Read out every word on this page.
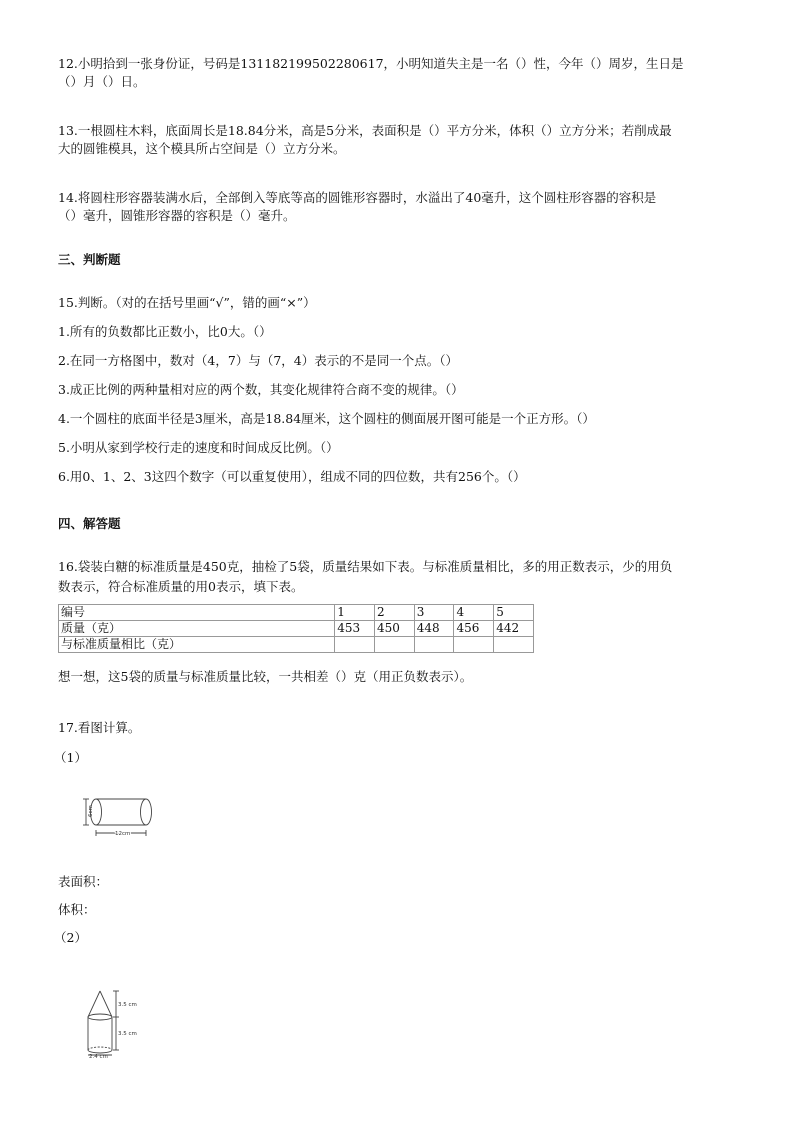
12.小明拾到一张身份证，号码是131182199502280617，小明知道失主是一名（）性，今年（）周岁，生日是
（）月（）日。
13.一根圆柱木料，底面周长是18.84分米，高是5分米，表面积是（）平方分米，体积（）立方分米；若削成最
大的圆锥模具，这个模具所占空间是（）立方分米。
14.将圆柱形容器装满水后，全部倒入等底等高的圆锥形容器时，水溢出了40毫升，这个圆柱形容器的容积是
（）毫升，圆锥形容器的容积是（）毫升。
三、判断题
15.判断。（对的在括号里画“√”，错的画“×”）
1.所有的负数都比正数小，比0大。（）
2.在同一方格图中，数对（4，7）与（7，4）表示的不是同一个点。（）
3.成正比例的两种量相对应的两个数，其变化规律符合商不变的规律。（）
4.一个圆柱的底面半径是3厘米，高是18.84厘米，这个圆柱的侧面展开图可能是一个正方形。（）
5.小明从家到学校行走的速度和时间成反比例。（）
6.用0、1、2、3这四个数字（可以重复使用），组成不同的四位数，共有256个。（）
四、解答题
16.袋装白糖的标准质量是450克，抽检了5袋，质量结果如下表。与标准质量相比，多的用正数表示，少的用负
数表示，符合标准质量的用0表示，填下表。
编号	1	2	3	4	5
质量（克）	453	450	448	456	442
与标准质量相比（克）					
想一想，这5袋的质量与标准质量比较，一共相差（）克（用正负数表示）。
17.看图计算。
（1）
6cm
12cm
表面积：
体积：
（2）
3.5 cm
3.5 cm
2.4 cm
